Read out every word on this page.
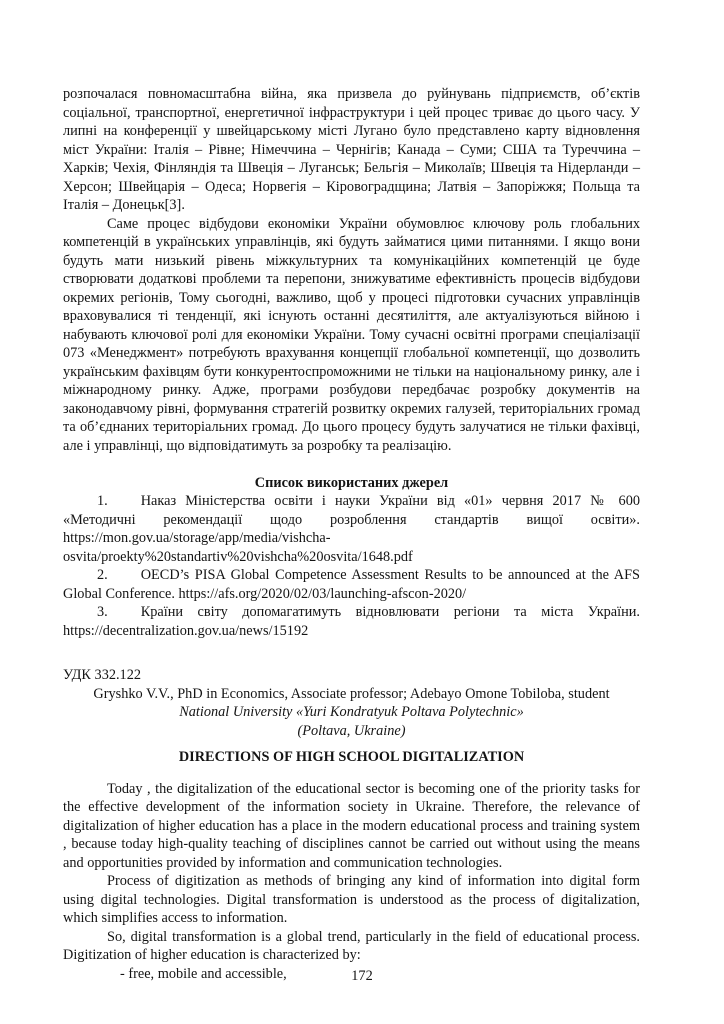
розпочалася повномасштабна війна, яка призвела до руйнувань підприємств, об’єктів соціальної, транспортної, енергетичної інфраструктури і цей процес триває до цього часу. У липні на конференції у швейцарському місті Лугано було представлено карту відновлення міст України: Італія – Рівне; Німеччина – Чернігів; Канада – Суми; США та Туреччина – Харків; Чехія, Фінляндія та Швеція – Луганськ; Бельгія – Миколаїв; Швеція та Нідерланди – Херсон; Швейцарія – Одеса; Норвегія – Кіровоградщина; Латвія – Запоріжжя; Польща та Італія – Донецьк[3].

Саме процес відбудови економіки України обумовлює ключову роль глобальних компетенцій в українських управлінців, які будуть займатися цими питаннями. І якщо вони будуть мати низький рівень міжкультурних та комунікаційних компетенцій це буде створювати додаткові проблеми та перепони, знижуватиме ефективність процесів відбудови окремих регіонів, Тому сьогодні, важливо, щоб у процесі підготовки сучасних управлінців враховувалися ті тенденції, які існують останні десятиліття, але актуалізуються війною і набувають ключової ролі для економіки України. Тому сучасні освітні програми спеціалізації 073 «Менеджмент» потребують врахування концепції глобальної компетенції, що дозволить українським фахівцям бути конкурентоспроможними не тільки на національному ринку, але і міжнародному ринку. Адже, програми розбудови передбачає розробку документів на законодавчому рівні, формування стратегій розвитку окремих галузей, територіальних громад та об’єднаних територіальних громад. До цього процесу будуть залучатися не тільки фахівці, але і управлінці, що відповідатимуть за розробку та реалізацію.

Список використаних джерел

1. Наказ Міністерства освіти і науки України від «01» червня 2017 № 600 «Методичні рекомендації щодо розроблення стандартів вищої освіти». https://mon.gov.ua/storage/app/media/vishcha-osvita/proekty%20standartiv%20vishcha%20osvita/1648.pdf

2. OECD’s PISA Global Competence Assessment Results to be announced at the AFS Global Conference. https://afs.org/2020/02/03/launching-afscon-2020/

3. Країни світу допомагатимуть відновлювати регіони та міста України. https://decentralization.gov.ua/news/15192

УДК 332.122

Gryshko V.V., PhD in Economics, Associate professor; Adebayo Omone Tobiloba, student

National University «Yuri Kondratyuk Poltava Polytechnic»

(Poltava, Ukraine)

DIRECTIONS OF HIGH SCHOOL DIGITALIZATION

Today , the digitalization of the educational sector is becoming one of the priority tasks for the effective development of the information society in Ukraine. Therefore, the relevance of digitalization of higher education has a place in the modern educational process and training system , because today high-quality teaching of disciplines cannot be carried out without using the means and opportunities provided by information and communication technologies.

Process of digitization as methods of bringing any kind of information into digital form using digital technologies. Digital transformation is understood as the process of digitalization, which simplifies access to information.

So, digital transformation is a global trend, particularly in the field of educational process. Digitization of higher education is characterized by:

- free, mobile and accessible,	172
